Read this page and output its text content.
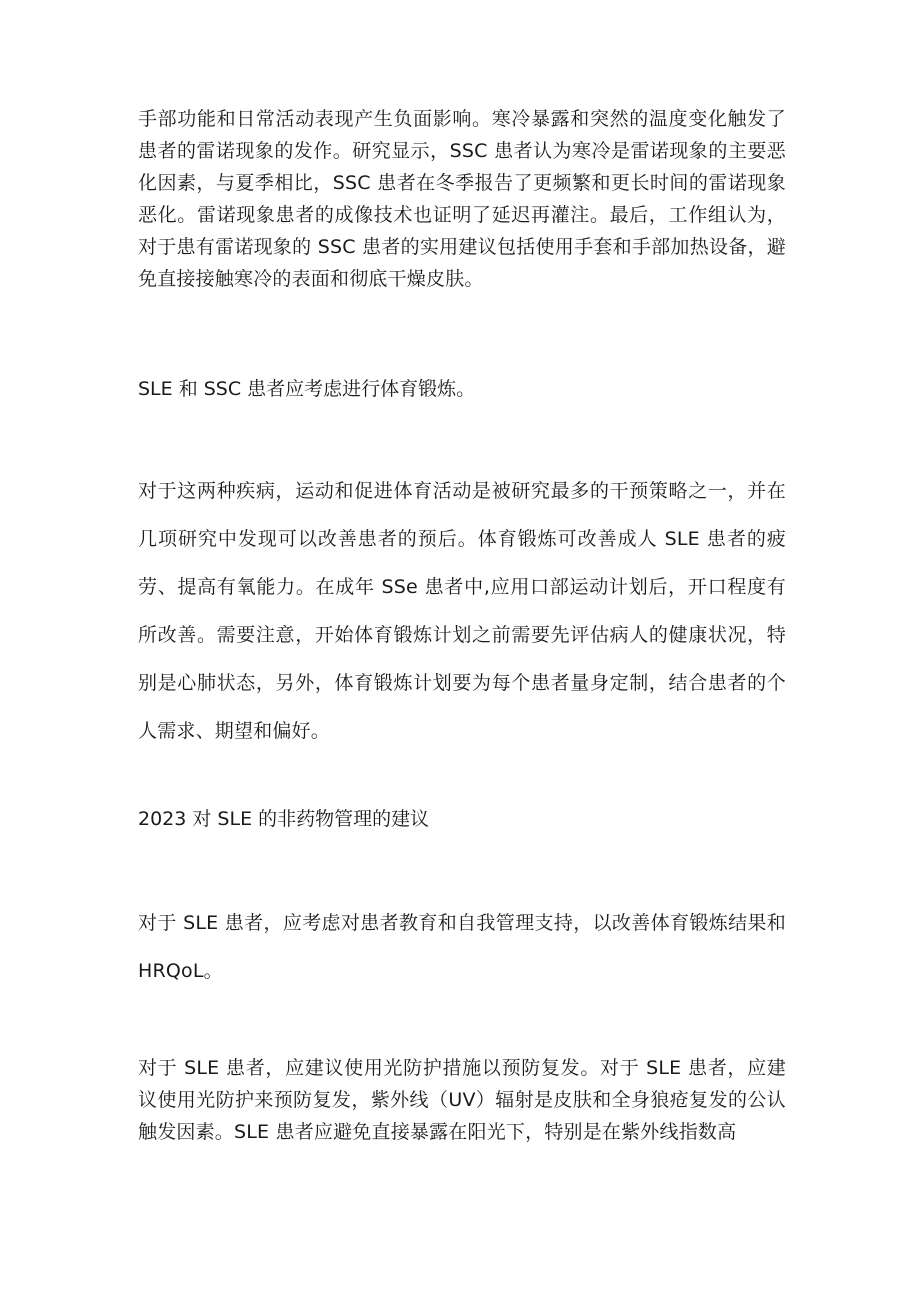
手部功能和日常活动表现产生负面影响。寒冷暴露和突然的温度变化触发了患者的雷诺现象的发作。研究显示，SSC 患者认为寒冷是雷诺现象的主要恶化因素，与夏季相比，SSC 患者在冬季报告了更频繁和更长时间的雷诺现象恶化。雷诺现象患者的成像技术也证明了延迟再灌注。最后，工作组认为，对于患有雷诺现象的 SSC 患者的实用建议包括使用手套和手部加热设备，避免直接接触寒冷的表面和彻底干燥皮肤。

SLE 和 SSC 患者应考虑进行体育锻炼。

对于这两种疾病，运动和促进体育活动是被研究最多的干预策略之一，并在几项研究中发现可以改善患者的预后。体育锻炼可改善成人 SLE 患者的疲劳、提高有氧能力。在成年 SSe 患者中,应用口部运动计划后，开口程度有所改善。需要注意，开始体育锻炼计划之前需要先评估病人的健康状况，特别是心肺状态，另外，体育锻炼计划要为每个患者量身定制，结合患者的个人需求、期望和偏好。

2023 对 SLE 的非药物管理的建议

对于 SLE 患者，应考虑对患者教育和自我管理支持，以改善体育锻炼结果和 HRQoL。

对于 SLE 患者，应建议使用光防护措施以预防复发。对于 SLE 患者，应建议使用光防护来预防复发，紫外线（UV）辐射是皮肤和全身狼疮复发的公认触发因素。SLE 患者应避免直接暴露在阳光下，特别是在紫外线指数高
